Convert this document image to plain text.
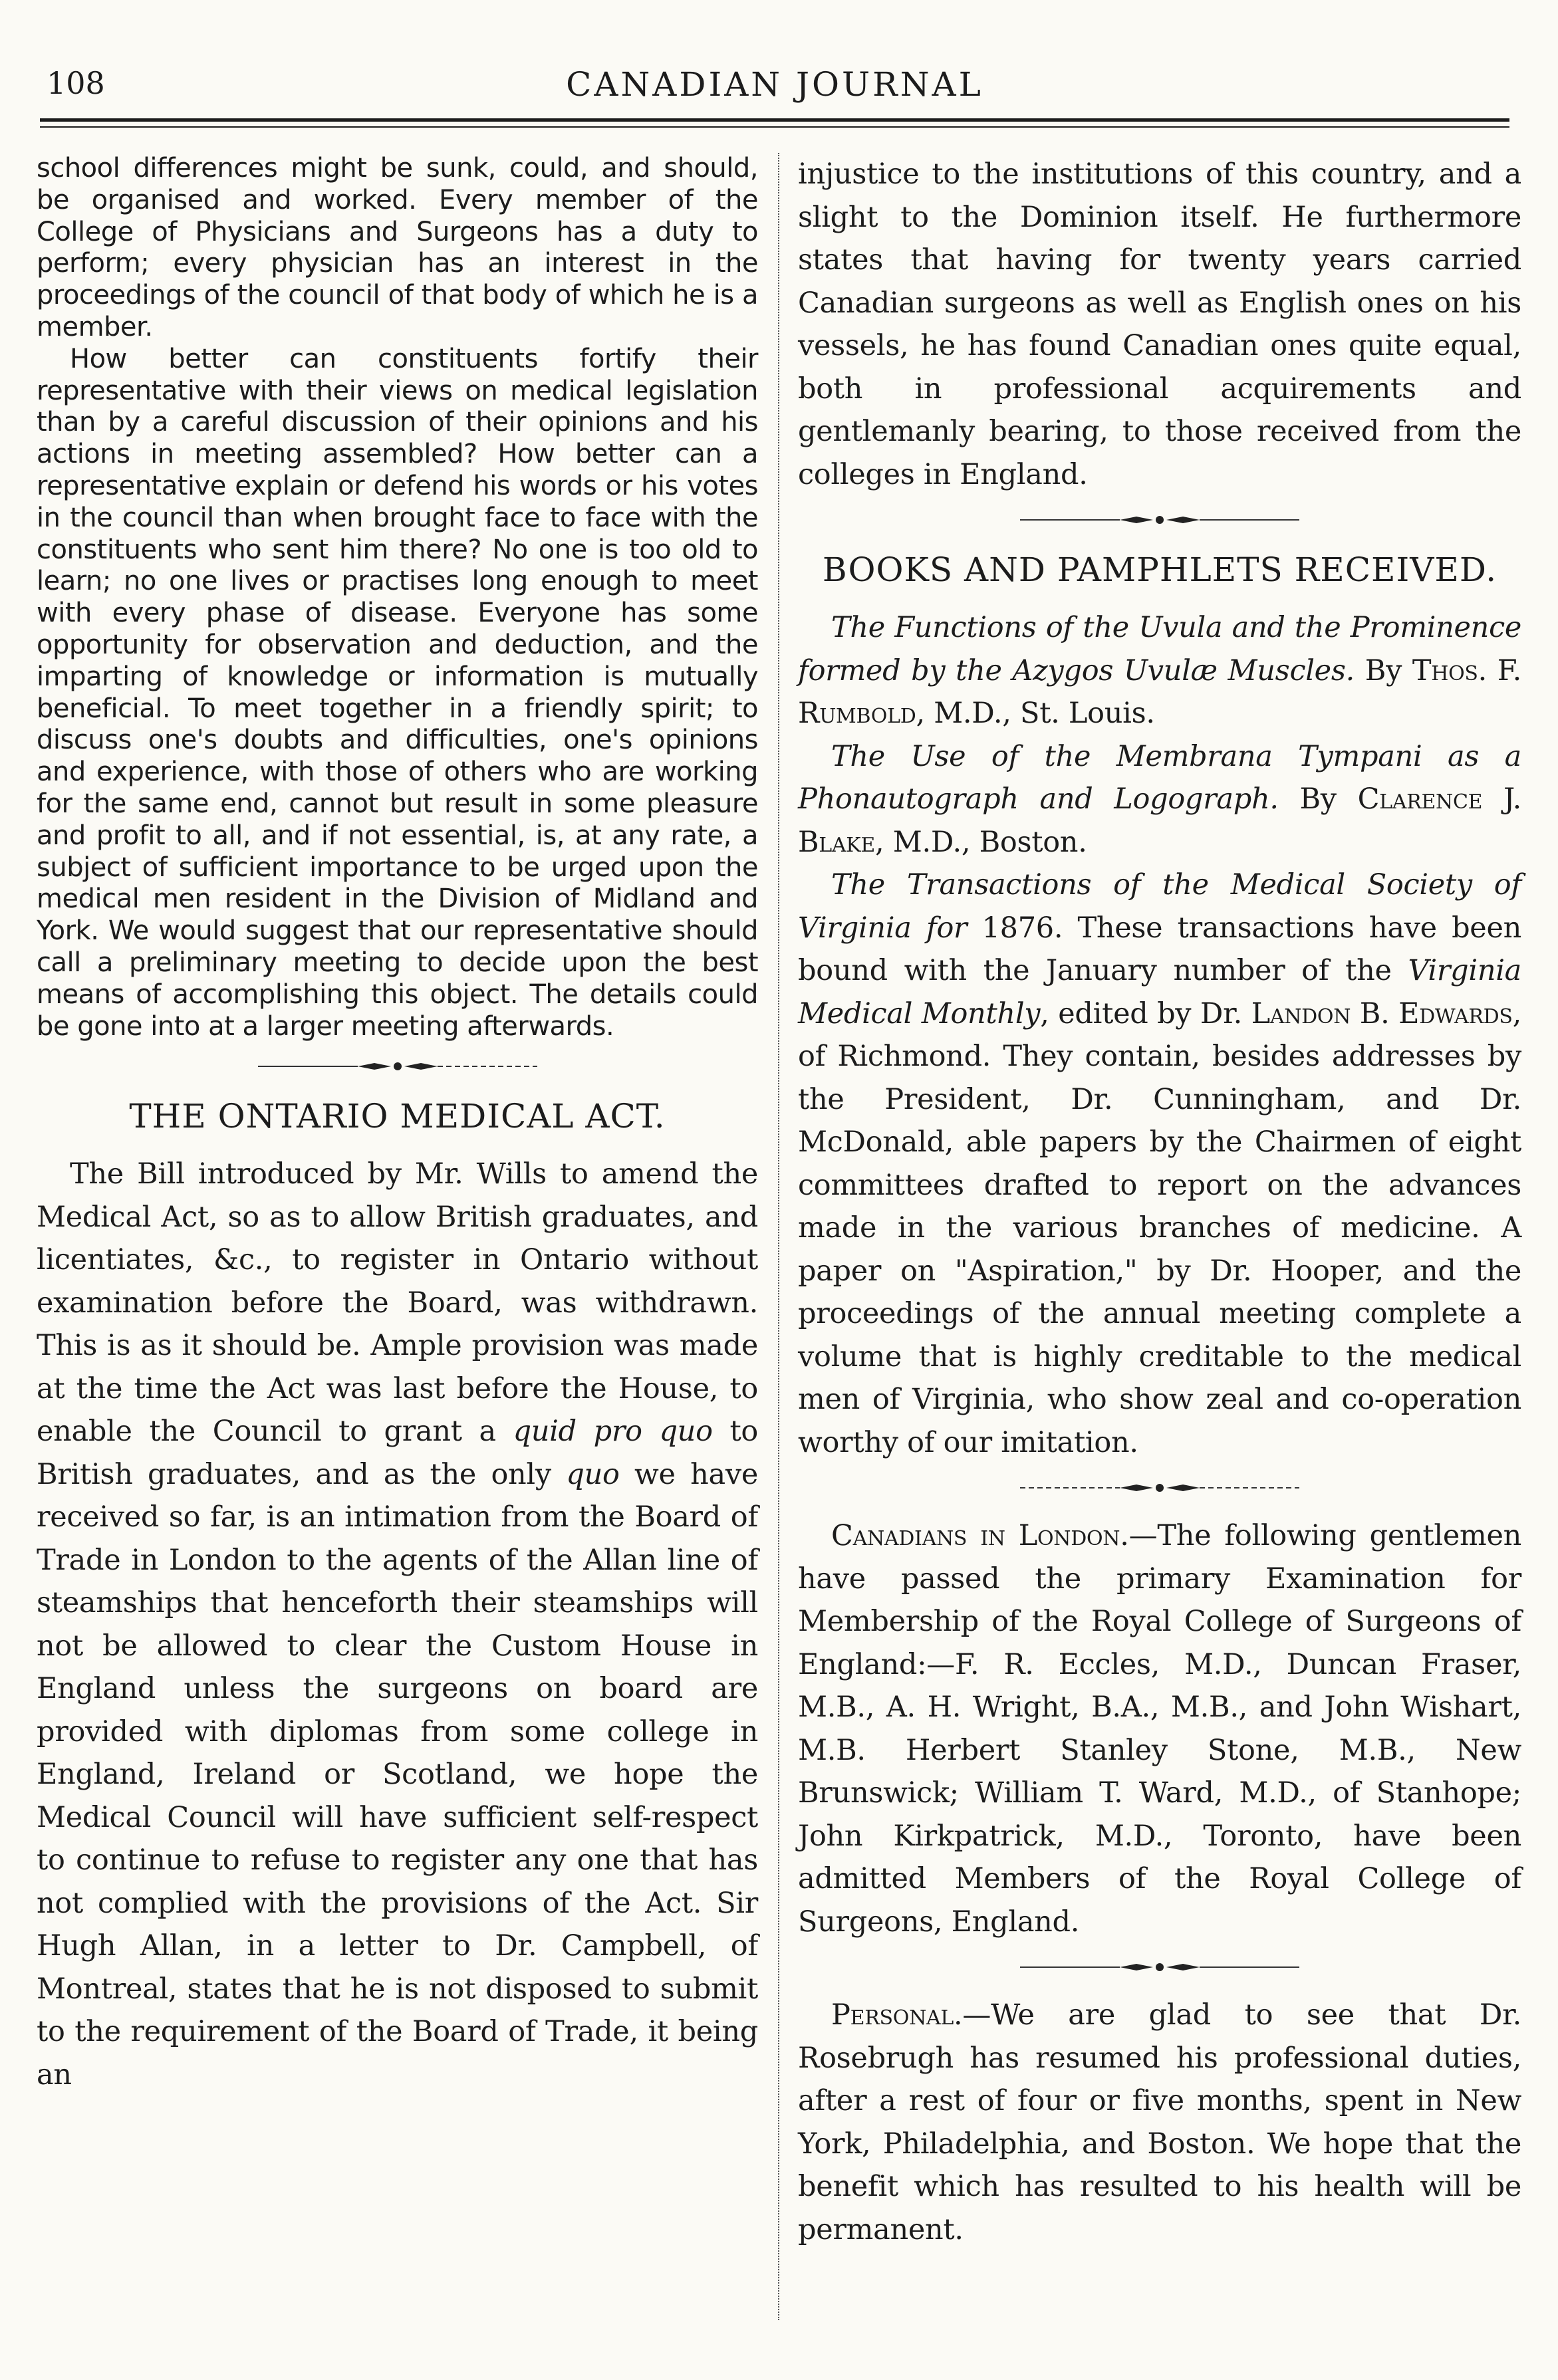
108	CANADIAN JOURNAL

school differences might be sunk, could, and should, be organised and worked. Every member of the College of Physicians and Surgeons has a duty to perform; every physician has an interest in the proceedings of the council of that body of which he is a member.

How better can constituents fortify their representative with their views on medical legislation than by a careful discussion of their opinions and his actions in meeting assembled? How better can a representative explain or defend his words or his votes in the council than when brought face to face with the constituents who sent him there? No one is too old to learn; no one lives or practises long enough to meet with every phase of disease. Everyone has some opportunity for observation and deduction, and the imparting of knowledge or information is mutually beneficial. To meet together in a friendly spirit; to discuss one's doubts and difficulties, one's opinions and experience, with those of others who are working for the same end, cannot but result in some pleasure and profit to all, and if not essential, is, at any rate, a subject of sufficient importance to be urged upon the medical men resident in the Division of Midland and York. We would suggest that our representative should call a preliminary meeting to decide upon the best means of accomplishing this object. The details could be gone into at a larger meeting afterwards.

THE ONTARIO MEDICAL ACT.

The Bill introduced by Mr. Wills to amend the Medical Act, so as to allow British graduates, and licentiates, &c., to register in Ontario without examination before the Board, was withdrawn. This is as it should be. Ample provision was made at the time the Act was last before the House, to enable the Council to grant a quid pro quo to British graduates, and as the only quo we have received so far, is an intimation from the Board of Trade in London to the agents of the Allan line of steamships that henceforth their steamships will not be allowed to clear the Custom House in England unless the surgeons on board are provided with diplomas from some college in England, Ireland or Scotland, we hope the Medical Council will have sufficient self-respect to continue to refuse to register any one that has not complied with the provisions of the Act. Sir Hugh Allan, in a letter to Dr. Campbell, of Montreal, states that he is not disposed to submit to the requirement of the Board of Trade, it being an

injustice to the institutions of this country, and a slight to the Dominion itself. He furthermore states that having for twenty years carried Canadian surgeons as well as English ones on his vessels, he has found Canadian ones quite equal, both in professional acquirements and gentlemanly bearing, to those received from the colleges in England.

BOOKS AND PAMPHLETS RECEIVED.

The Functions of the Uvula and the Prominence formed by the Azygos Uvulæ Muscles. By Thos. F. Rumbold, M.D., St. Louis.

The Use of the Membrana Tympani as a Phonautograph and Logograph. By Clarence J. Blake, M.D., Boston.

The Transactions of the Medical Society of Virginia for 1876. These transactions have been bound with the January number of the Virginia Medical Monthly, edited by Dr. Landon B. Edwards, of Richmond. They contain, besides addresses by the President, Dr. Cunningham, and Dr. McDonald, able papers by the Chairmen of eight committees drafted to report on the advances made in the various branches of medicine. A paper on "Aspiration," by Dr. Hooper, and the proceedings of the annual meeting complete a volume that is highly creditable to the medical men of Virginia, who show zeal and co-operation worthy of our imitation.

Canadians in London.—The following gentlemen have passed the primary Examination for Membership of the Royal College of Surgeons of England:—F. R. Eccles, M.D., Duncan Fraser, M.B., A. H. Wright, B.A., M.B., and John Wishart, M.B. Herbert Stanley Stone, M.B., New Brunswick; William T. Ward, M.D., of Stanhope; John Kirkpatrick, M.D., Toronto, have been admitted Members of the Royal College of Surgeons, England.

Personal.—We are glad to see that Dr. Rosebrugh has resumed his professional duties, after a rest of four or five months, spent in New York, Philadelphia, and Boston. We hope that the benefit which has resulted to his health will be permanent.
